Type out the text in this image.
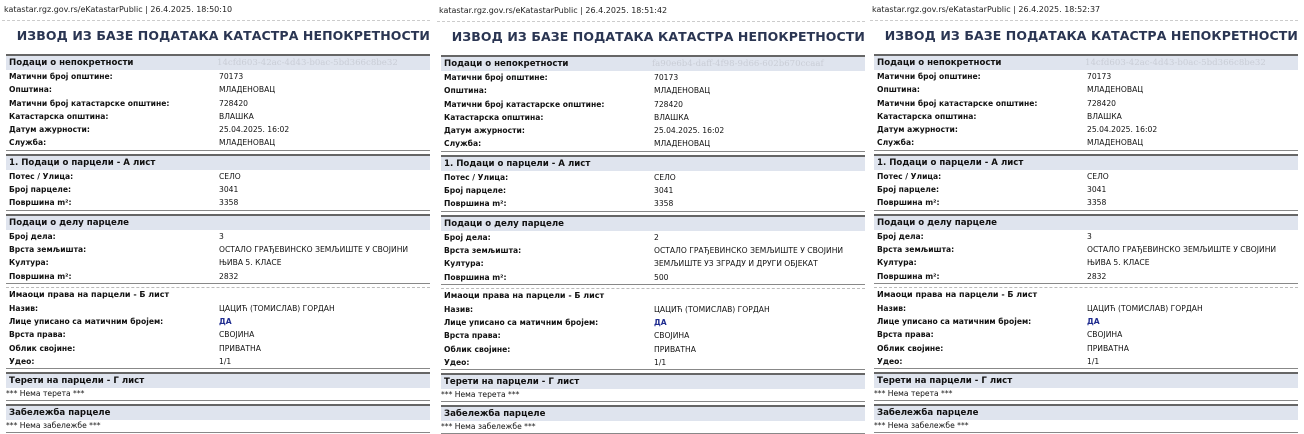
katastar.rgz.gov.rs/eKatastarPublic | 26.4.2025. 18:50:10
ИЗВОД ИЗ БАЗЕ ПОДАТАКА КАТАСТРА НЕПОКРЕТНОСТИ
Подаци о непокретности	14cfd603-42ac-4d43-b0ac-5bd366c8be32
Матични број општине:	70173
Општина:	МЛАДЕНОВАЦ
Матични број катастарске општине:	728420
Катастарска општина:	ВЛАШКА
Датум ажурности:	25.04.2025. 16:02
Служба:	МЛАДЕНОВАЦ
1. Подаци о парцели - А лист
Потес / Улица:	СЕЛО
Број парцеле:	3041
Површина m²:	3358
Подаци о делу парцеле
Број дела:	3
Врста земљишта:	ОСТАЛО ГРАЂЕВИНСКО ЗЕМЉИШТЕ У СВОЈИНИ
Култура:	ЊИВА 5. КЛАСЕ
Површина m²:	2832
Имаоци права на парцели - Б лист
Назив:	ЦАЦИЋ (ТОМИСЛАВ) ГОРДАН
Лице уписано са матичним бројем:	ДА
Врста права:	СВОЈИНА
Облик својине:	ПРИВАТНА
Удео:	1/1
Терети на парцели - Г лист
*** Нема терета ***
Забележба парцеле
*** Нема забележбе ***
katastar.rgz.gov.rs/eKatastarPublic | 26.4.2025. 18:51:42
ИЗВОД ИЗ БАЗЕ ПОДАТАКА КАТАСТРА НЕПОКРЕТНОСТИ
Подаци о непокретности	fa90e6b4-daff-4f98-9d66-602b670ccaaf
Матични број општине:	70173
Општина:	МЛАДЕНОВАЦ
Матични број катастарске општине:	728420
Катастарска општина:	ВЛАШКА
Датум ажурности:	25.04.2025. 16:02
Служба:	МЛАДЕНОВАЦ
1. Подаци о парцели - А лист
Потес / Улица:	СЕЛО
Број парцеле:	3041
Површина m²:	3358
Подаци о делу парцеле
Број дела:	2
Врста земљишта:	ОСТАЛО ГРАЂЕВИНСКО ЗЕМЉИШТЕ У СВОЈИНИ
Култура:	ЗЕМЉИШТЕ УЗ ЗГРАДУ И ДРУГИ ОБЈЕКАТ
Површина m²:	500
Имаоци права на парцели - Б лист
Назив:	ЦАЦИЋ (ТОМИСЛАВ) ГОРДАН
Лице уписано са матичним бројем:	ДА
Врста права:	СВОЈИНА
Облик својине:	ПРИВАТНА
Удео:	1/1
Терети на парцели - Г лист
*** Нема терета ***
Забележба парцеле
*** Нема забележбе ***
katastar.rgz.gov.rs/eKatastarPublic | 26.4.2025. 18:52:37
ИЗВОД ИЗ БАЗЕ ПОДАТАКА КАТАСТРА НЕПОКРЕТНОСТИ
Подаци о непокретности	14cfd603-42ac-4d43-b0ac-5bd366c8be32
Матични број општине:	70173
Општина:	МЛАДЕНОВАЦ
Матични број катастарске општине:	728420
Катастарска општина:	ВЛАШКА
Датум ажурности:	25.04.2025. 16:02
Служба:	МЛАДЕНОВАЦ
1. Подаци о парцели - А лист
Потес / Улица:	СЕЛО
Број парцеле:	3041
Површина m²:	3358
Подаци о делу парцеле
Број дела:	3
Врста земљишта:	ОСТАЛО ГРАЂЕВИНСКО ЗЕМЉИШТЕ У СВОЈИНИ
Култура:	ЊИВА 5. КЛАСЕ
Површина m²:	2832
Имаоци права на парцели - Б лист
Назив:	ЦАЦИЋ (ТОМИСЛАВ) ГОРДАН
Лице уписано са матичним бројем:	ДА
Врста права:	СВОЈИНА
Облик својине:	ПРИВАТНА
Удео:	1/1
Терети на парцели - Г лист
*** Нема терета ***
Забележба парцеле
*** Нема забележбе ***
